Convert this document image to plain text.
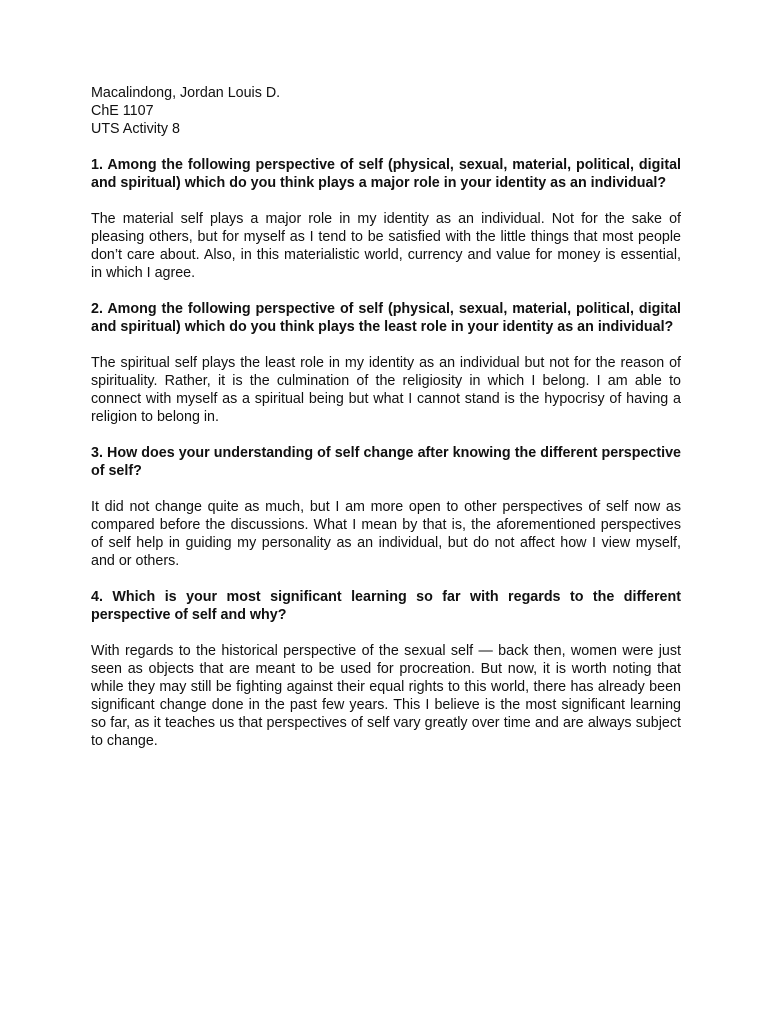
Macalindong, Jordan Louis D.
ChE 1107
UTS Activity 8

1. Among the following perspective of self (physical, sexual, material, political, digital and spiritual) which do you think plays a major role in your identity as an individual?

The material self plays a major role in my identity as an individual. Not for the sake of pleasing others, but for myself as I tend to be satisfied with the little things that most people don’t care about. Also, in this materialistic world, currency and value for money is essential, in which I agree.

2. Among the following perspective of self (physical, sexual, material, political, digital and spiritual) which do you think plays the least role in your identity as an individual?

The spiritual self plays the least role in my identity as an individual but not for the reason of spirituality. Rather, it is the culmination of the religiosity in which I belong. I am able to connect with myself as a spiritual being but what I cannot stand is the hypocrisy of having a religion to belong in.

3. How does your understanding of self change after knowing the different perspective of self?

It did not change quite as much, but I am more open to other perspectives of self now as compared before the discussions. What I mean by that is, the aforementioned perspectives of self help in guiding my personality as an individual, but do not affect how I view myself, and or others.

4. Which is your most significant learning so far with regards to the different perspective of self and why?

With regards to the historical perspective of the sexual self — back then, women were just seen as objects that are meant to be used for procreation. But now, it is worth noting that while they may still be fighting against their equal rights to this world, there has already been significant change done in the past few years. This I believe is the most significant learning so far, as it teaches us that perspectives of self vary greatly over time and are always subject to change.
